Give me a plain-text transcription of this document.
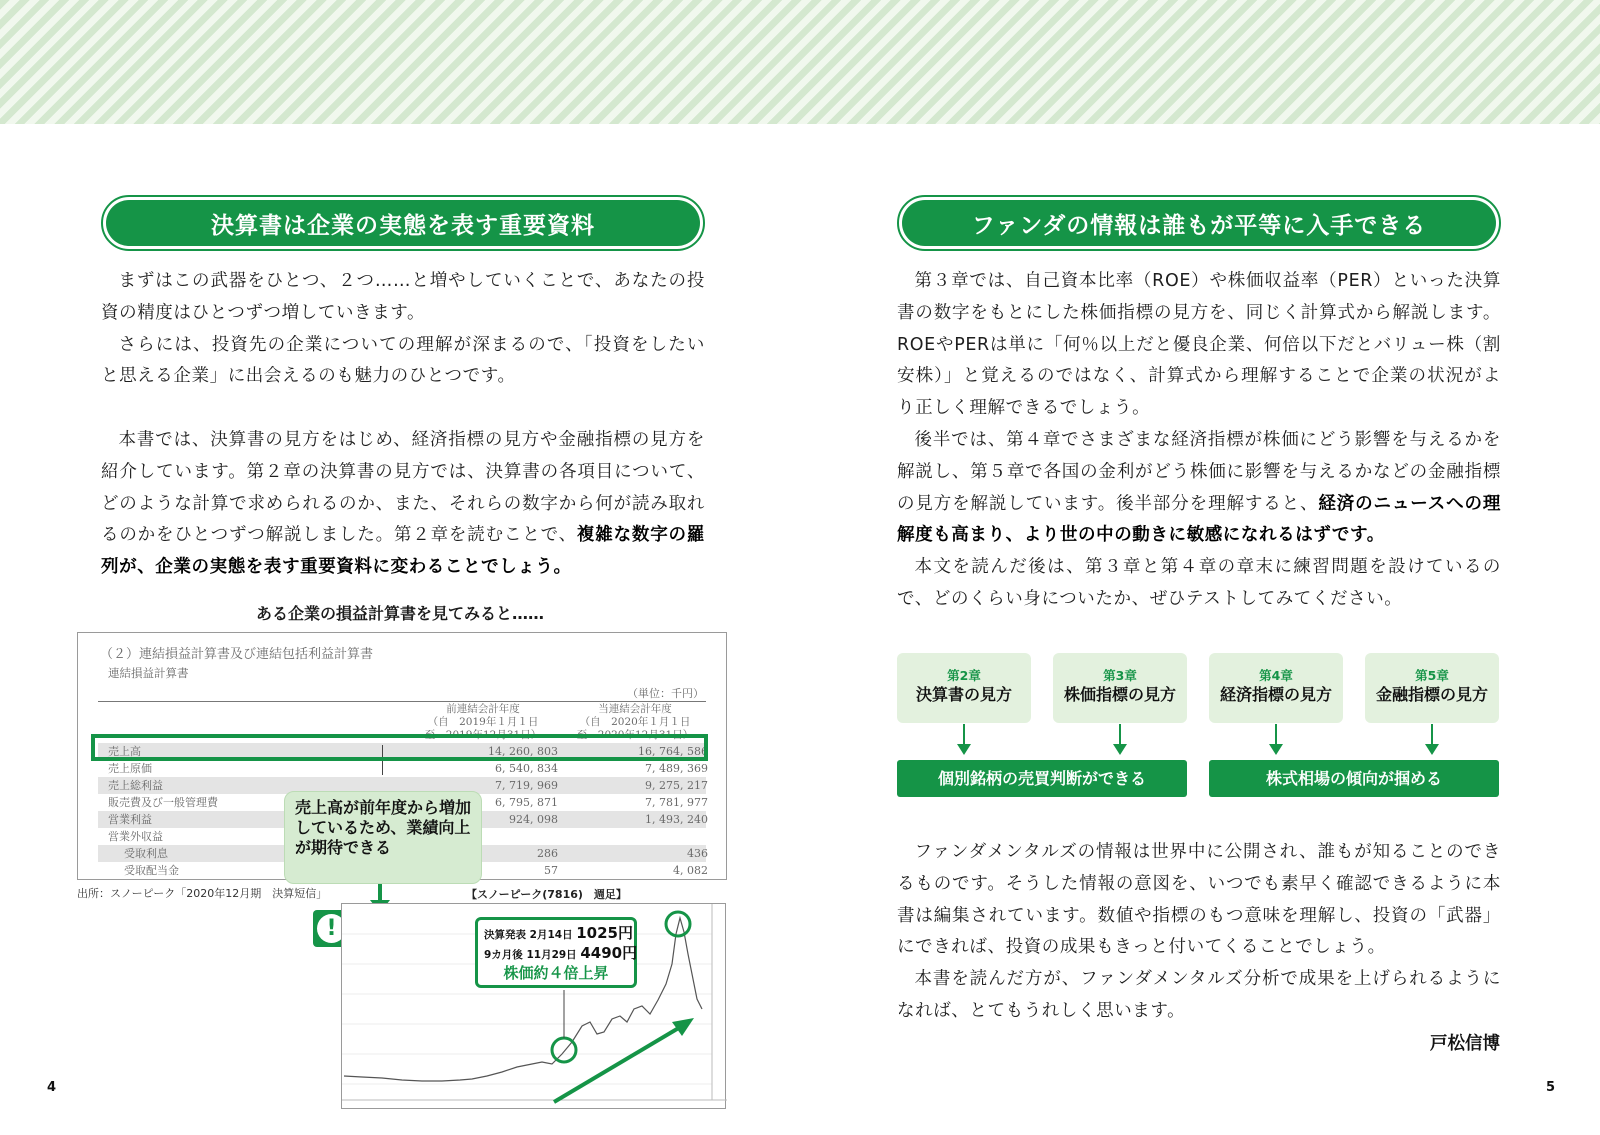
決算書は企業の実態を表す重要資料

まずはこの武器をひとつ、２つ……と増やしていくことで、あなたの投資の精度はひとつずつ増していきます。

さらには、投資先の企業についての理解が深まるので、「投資をしたいと思える企業」に出会えるのも魅力のひとつです。

本書では、決算書の見方をはじめ、経済指標の見方や金融指標の見方を紹介しています。第２章の決算書の見方では、決算書の各項目について、どのような計算で求められるのか、また、それらの数字から何が読み取れるのかをひとつずつ解説しました。第２章を読むことで、複雑な数字の羅列が、企業の実態を表す重要資料に変わることでしょう。

ある企業の損益計算書を見てみると……
（２）連結損益計算書及び連結包括利益計算書
連結損益計算書
（単位：千円）
前連結会計年度
（自　2019年１月１日
至　2019年12月31日）
当連結会計年度
（自　2020年１月１日
至　2020年12月31日）
売上高	14, 260, 803	16, 764, 586
売上原価	6, 540, 834	7, 489, 369
売上総利益	7, 719, 969	9, 275, 217
販売費及び一般管理費	6, 795, 871	7, 781, 977
営業利益	924, 098	1, 493, 240
営業外収益
受取利息	286	436
受取配当金	57	4, 082
売上高が前年度から増加しているため、業績向上が期待できる
出所：スノーピーク「2020年12月期　決算短信」	【スノーピーク(7816)　週足】
!	決算発表 2月14日 1025円
9カ月後 11月29日 4490円
株価約４倍上昇
4
ファンダの情報は誰もが平等に入手できる

第３章では、自己資本比率（ROE）や株価収益率（PER）といった決算書の数字をもとにした株価指標の見方を、同じく計算式から解説します。ROEやPERは単に「何％以上だと優良企業、何倍以下だとバリュー株（割安株）」と覚えるのではなく、計算式から理解することで企業の状況がより正しく理解できるでしょう。

後半では、第４章でさまざまな経済指標が株価にどう影響を与えるかを解説し、第５章で各国の金利がどう株価に影響を与えるかなどの金融指標の見方を解説しています。後半部分を理解すると、経済のニュースへの理解度も高まり、より世の中の動きに敏感になれるはずです。

本文を読んだ後は、第３章と第４章の章末に練習問題を設けているので、どのくらい身についたか、ぜひテストしてみてください。

第2章
決算書の見方
第3章
株価指標の見方
第4章
経済指標の見方
第5章
金融指標の見方
個別銘柄の売買判断ができる	株式相場の傾向が掴める

ファンダメンタルズの情報は世界中に公開され、誰もが知ることのできるものです。そうした情報の意図を、いつでも素早く確認できるように本書は編集されています。数値や指標のもつ意味を理解し、投資の「武器」にできれば、投資の成果もきっと付いてくることでしょう。

本書を読んだ方が、ファンダメンタルズ分析で成果を上げられるようになれば、とてもうれしく思います。

戸松信博
5
